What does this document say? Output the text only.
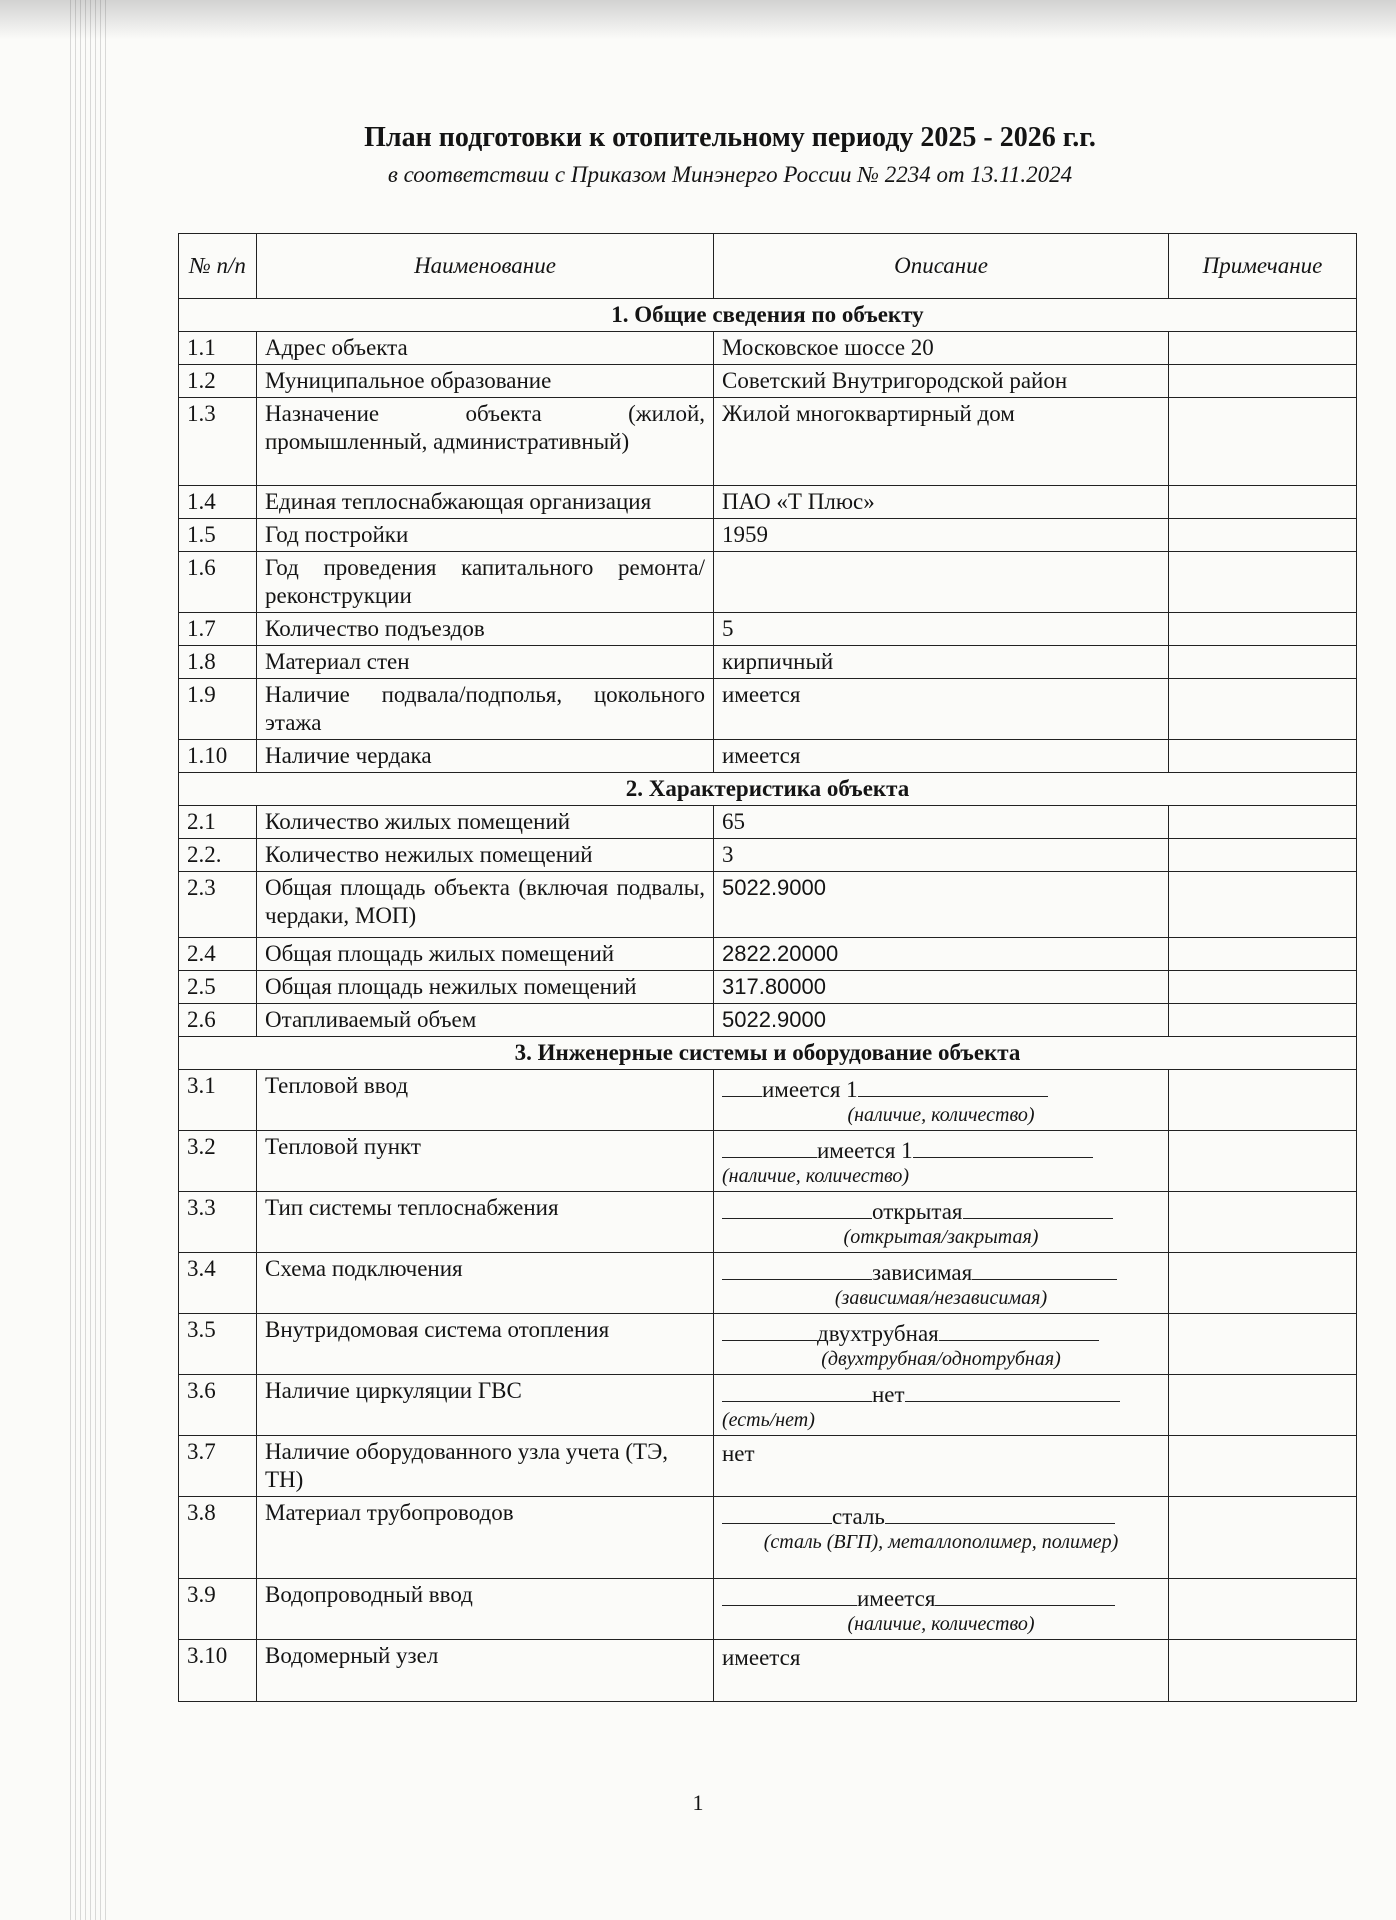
План подготовки к отопительному периоду 2025 - 2026 г.г.
в соответствии с Приказом Минэнерго России № 2234 от 13.11.2024
№ п/п	Наименование	Описание	Примечание
1. Общие сведения по объекту			
1.1	Адрес объекта	Московское шоссе 20	
1.2	Муниципальное образование	Советский Внутригородской район	
1.3	Назначение объекта (жилой, промышленный, административный)	Жилой многоквартирный дом	
1.4	Единая теплоснабжающая организация	ПАО «Т Плюс»	
1.5	Год постройки	1959	
1.6	Год проведения капитального ремонта/реконструкции		
1.7	Количество подъездов	5	
1.8	Материал стен	кирпичный	
1.9	Наличие подвала/подполья, цокольного этажа	имеется	
1.10	Наличие чердака	имеется	
2. Характеристика объекта			
2.1	Количество жилых помещений	65	
2.2.	Количество нежилых помещений	3	
2.3	Общая площадь объекта (включая подвалы, чердаки, МОП)	5022.9000	
2.4	Общая площадь жилых помещений	2822.20000	
2.5	Общая площадь нежилых помещений	317.80000	
2.6	Отапливаемый объем	5022.9000	
3. Инженерные системы и оборудование объекта			
3.1	Тепловой ввод	имеется 1
(наличие, количество)	

3.2	Тепловой пункт	имеется 1
(наличие, количество)	

3.3	Тип системы теплоснабжения	открытая
(открытая/закрытая)	

3.4	Схема подключения	зависимая
(зависимая/независимая)	

3.5	Внутридомовая система отопления	двухтрубная
(двухтрубная/однотрубная)	

3.6	Наличие циркуляции ГВС	нет
(есть/нет)	

3.7	Наличие оборудованного узла учета (ТЭ, ТН)	нет	
3.8	Материал трубопроводов	сталь
(сталь (ВГП), металлополимер, полимер)	

3.9	Водопроводный ввод	имеется
(наличие, количество)	

3.10	Водомерный узел	имеется	
1
